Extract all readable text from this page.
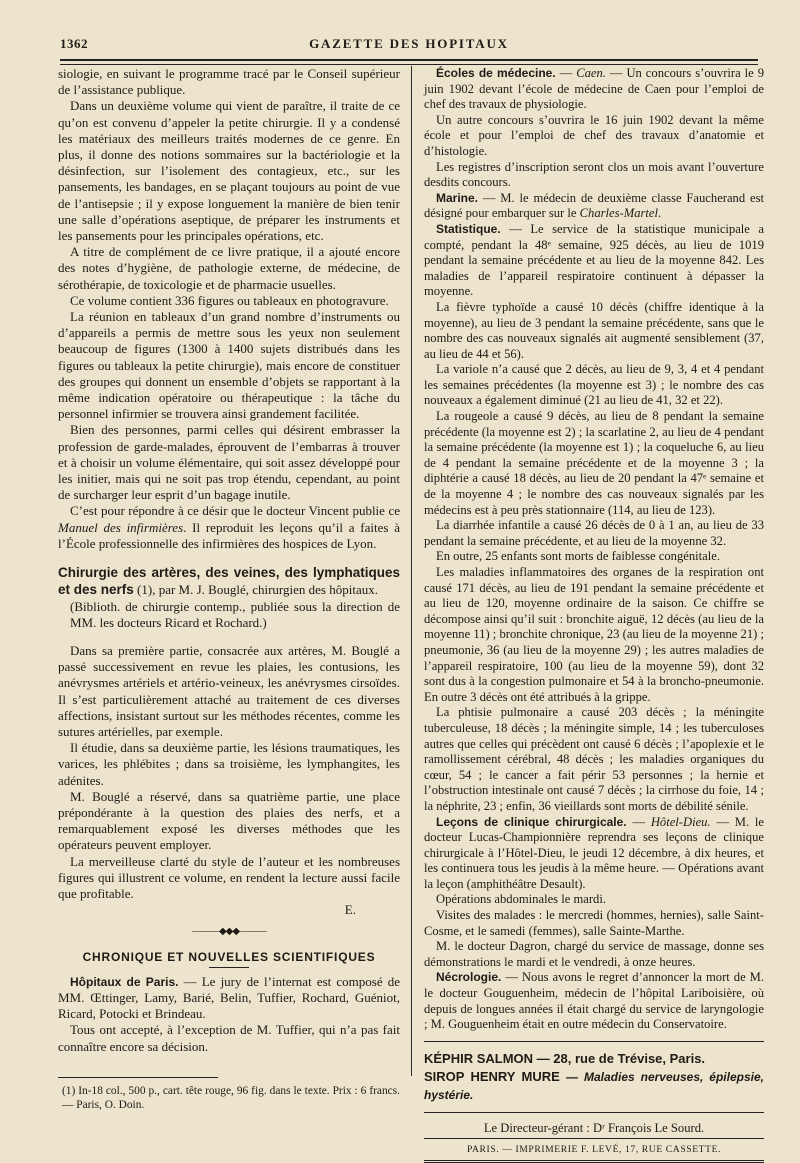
1362	GAZETTE DES HOPITAUX

siologie, en suivant le programme tracé par le Conseil supérieur de l’assistance publique.

Dans un deuxième volume qui vient de paraître, il traite de ce qu’on est convenu d’appeler la petite chirurgie. Il y a condensé les matériaux des meilleurs traités modernes de ce genre. En plus, il donne des notions sommaires sur la bactériologie et la désinfection, sur l’isolement des contagieux, etc., sur les pansements, les bandages, en se plaçant toujours au point de vue de l’antisepsie ; il y expose longuement la manière de bien tenir une salle d’opérations aseptique, de préparer les instruments et les pansements pour les principales opérations, etc.

A titre de complément de ce livre pratique, il a ajouté encore des notes d’hygiène, de pathologie externe, de médecine, de sérothérapie, de toxicologie et de pharmacie usuelles.

Ce volume contient 336 figures ou tableaux en photogravure.

La réunion en tableaux d’un grand nombre d’instruments ou d’appareils a permis de mettre sous les yeux non seulement beaucoup de figures (1300 à 1400 sujets distribués dans les figures ou tableaux la petite chirurgie), mais encore de constituer des groupes qui donnent un ensemble d’objets se rapportant à la même indication opératoire ou thérapeutique : la tâche du personnel infirmier se trouvera ainsi grandement facilitée.

Bien des personnes, parmi celles qui désirent embrasser la profession de garde-malades, éprouvent de l’embarras à trouver et à choisir un volume élémentaire, qui soit assez développé pour les initier, mais qui ne soit pas trop étendu, cependant, au point de surcharger leur esprit d’un bagage inutile.

C’est pour répondre à ce désir que le docteur Vincent publie ce Manuel des infirmières. Il reproduit les leçons qu’il a faites à l’École professionnelle des infirmières des hospices de Lyon.

Chirurgie des artères, des veines, des lymphatiques et des nerfs (1), par M. J. Bouglé, chirurgien des hôpitaux.

(Biblioth. de chirurgie contemp., publiée sous la direction de MM. les docteurs Ricard et Rochard.)

Dans sa première partie, consacrée aux artères, M. Bouglé a passé successivement en revue les plaies, les contusions, les anévrysmes artériels et artério-veineux, les anévrysmes cirsoïdes. Il s’est particulièrement attaché au traitement de ces diverses affections, insistant surtout sur les méthodes récentes, comme les sutures artérielles, par exemple.

Il étudie, dans sa deuxième partie, les lésions traumatiques, les varices, les phlébites ; dans sa troisième, les lymphangites, les adénites.

M. Bouglé a réservé, dans sa quatrième partie, une place prépondérante à la question des plaies des nerfs, et a remarquablement exposé les diverses méthodes que les opérateurs peuvent employer.

La merveilleuse clarté du style de l’auteur et les nombreuses figures qui illustrent ce volume, en rendent la lecture aussi facile que profitable.

E.

———◆◆◆———
CHRONIQUE ET NOUVELLES SCIENTIFIQUES

Hôpitaux de Paris. — Le jury de l’internat est composé de MM. Œttinger, Lamy, Barié, Belin, Tuffier, Rochard, Guéniot, Ricard, Potocki et Brindeau.

Tous ont accepté, à l’exception de M. Tuffier, qui n’a pas fait connaître encore sa décision.

(1) In-18 col., 500 p., cart. tête rouge, 96 fig. dans le texte. Prix : 6 francs. — Paris, O. Doin.

Écoles de médecine. — Caen. — Un concours s’ouvrira le 9 juin 1902 devant l’école de médecine de Caen pour l’emploi de chef des travaux de physiologie.

Un autre concours s’ouvrira le 16 juin 1902 devant la même école et pour l’emploi de chef des travaux d’anatomie et d’histologie.

Les registres d’inscription seront clos un mois avant l’ouverture desdits concours.

Marine. — M. le médecin de deuxième classe Faucherand est désigné pour embarquer sur le Charles-Martel.

Statistique. — Le service de la statistique municipale a compté, pendant la 48ᵉ semaine, 925 décès, au lieu de 1019 pendant la semaine précédente et au lieu de la moyenne 842. Les maladies de l’appareil respiratoire continuent à dépasser la moyenne.

La fièvre typhoïde a causé 10 décès (chiffre identique à la moyenne), au lieu de 3 pendant la semaine précédente, sans que le nombre des cas nouveaux signalés ait augmenté sensiblement (37, au lieu de 44 et 56).

La variole n’a causé que 2 décès, au lieu de 9, 3, 4 et 4 pendant les semaines précédentes (la moyenne est 3) ; le nombre des cas nouveaux a également diminué (21 au lieu de 41, 32 et 22).

La rougeole a causé 9 décès, au lieu de 8 pendant la semaine précédente (la moyenne est 2) ; la scarlatine 2, au lieu de 4 pendant la semaine précédente (la moyenne est 1) ; la coqueluche 6, au lieu de 4 pendant la semaine précédente et de la moyenne 3 ; la diphtérie a causé 18 décès, au lieu de 20 pendant la 47ᵉ semaine et de la moyenne 4 ; le nombre des cas nouveaux signalés par les médecins est à peu près stationnaire (114, au lieu de 123).

La diarrhée infantile a causé 26 décès de 0 à 1 an, au lieu de 33 pendant la semaine précédente, et au lieu de la moyenne 32.

En outre, 25 enfants sont morts de faiblesse congénitale.

Les maladies inflammatoires des organes de la respiration ont causé 171 décès, au lieu de 191 pendant la semaine précédente et au lieu de 120, moyenne ordinaire de la saison. Ce chiffre se décompose ainsi qu’il suit : bronchite aiguë, 12 décès (au lieu de la moyenne 11) ; bronchite chronique, 23 (au lieu de la moyenne 21) ; pneumonie, 36 (au lieu de la moyenne 29) ; les autres maladies de l’appareil respiratoire, 100 (au lieu de la moyenne 59), dont 32 sont dus à la congestion pulmonaire et 54 à la broncho-pneumonie. En outre 3 décès ont été attribués à la grippe.

La phtisie pulmonaire a causé 203 décès ; la méningite tuberculeuse, 18 décès ; la méningite simple, 14 ; les tuberculoses autres que celles qui précèdent ont causé 6 décès ; l’apoplexie et le ramollissement cérébral, 48 décès ; les maladies organiques du cœur, 54 ; le cancer a fait périr 53 personnes ; la hernie et l’obstruction intestinale ont causé 7 décès ; la cirrhose du foie, 14 ; la néphrite, 23 ; enfin, 36 vieillards sont morts de débilité sénile.

Leçons de clinique chirurgicale. — Hôtel-Dieu. — M. le docteur Lucas-Championnière reprendra ses leçons de clinique chirurgicale à l’Hôtel-Dieu, le jeudi 12 décembre, à dix heures, et les continuera tous les jeudis à la même heure. — Opérations avant la leçon (amphithéâtre Desault).

Opérations abdominales le mardi.

Visites des malades : le mercredi (hommes, hernies), salle Saint-Cosme, et le samedi (femmes), salle Sainte-Marthe.

M. le docteur Dagron, chargé du service de massage, donne ses démonstrations le mardi et le vendredi, à onze heures.

Nécrologie. — Nous avons le regret d’annoncer la mort de M. le docteur Gouguenheim, médecin de l’hôpital Lariboisière, où depuis de longues années il était chargé du service de laryngologie ; M. Gouguenheim était en outre médecin du Conservatoire.

KÉPHIR SALMON — 28, rue de Trévise, Paris.

SIROP HENRY MURE — Maladies nerveuses, épilepsie, hystérie.

Le Directeur-gérant : Dʳ François Le Sourd.

PARIS. — IMPRIMERIE F. LEVÉ, 17, RUE CASSETTE.
